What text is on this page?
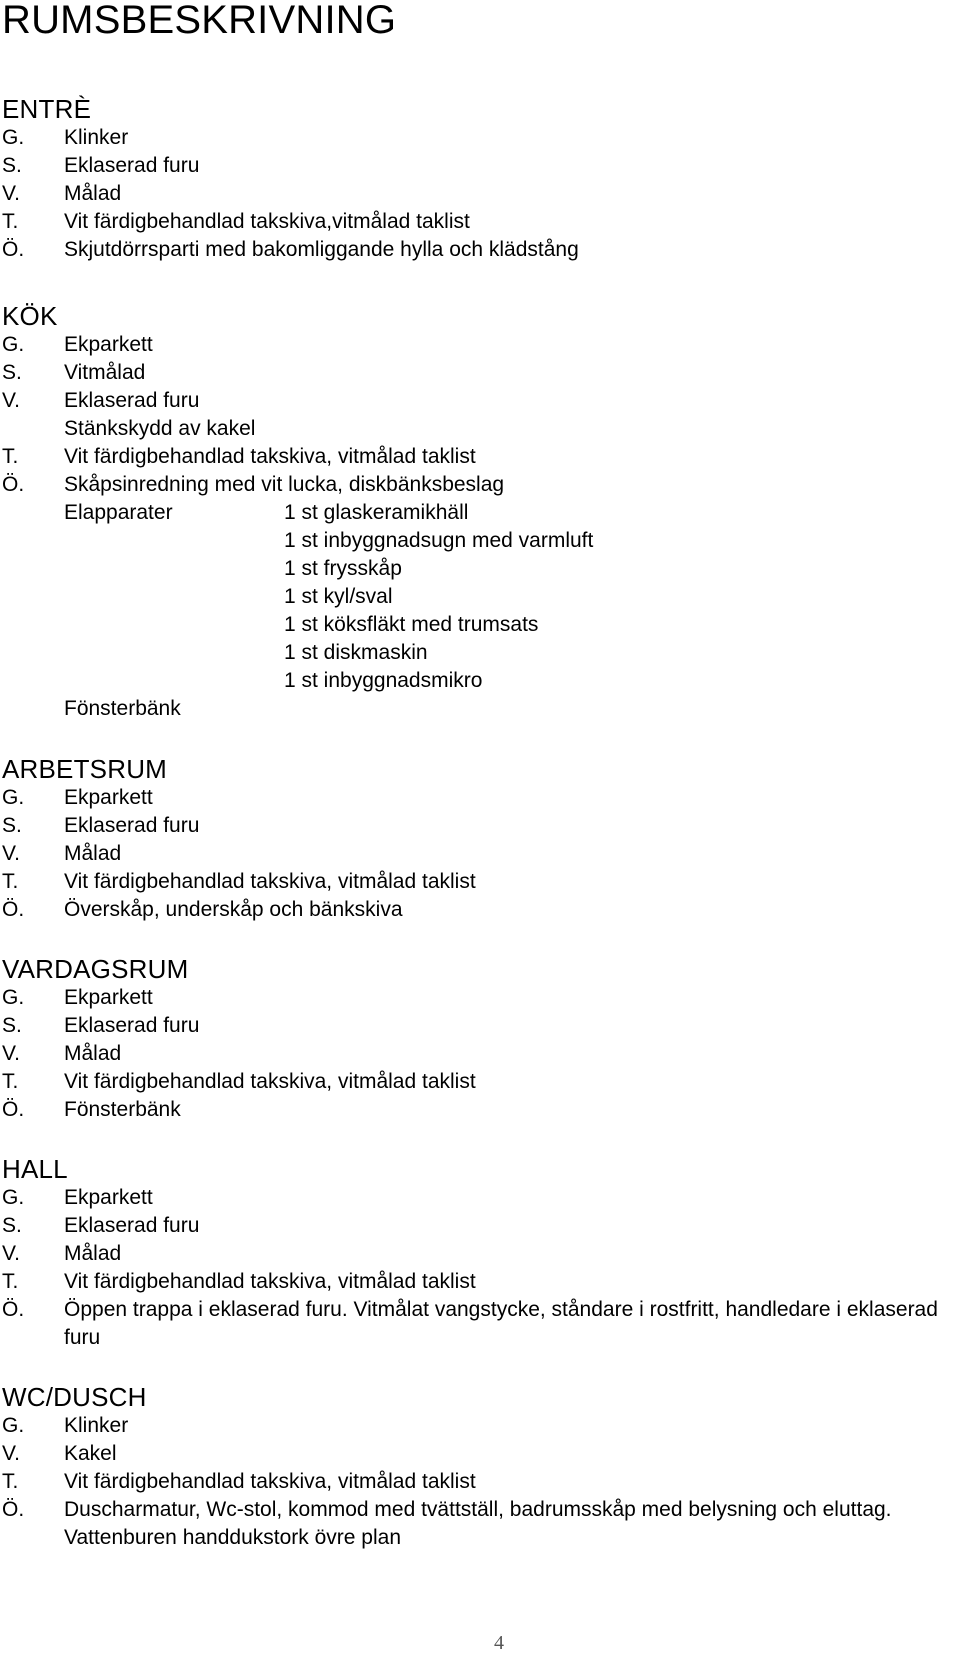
RUMSBESKRIVNING
ENTRÈ
G. Klinker
S. Eklaserad furu
V. Målad
T. Vit färdigbehandlad takskiva,vitmålad taklist
Ö. Skjutdörrsparti med bakomliggande hylla och klädstång
KÖK
G. Ekparkett
S. Vitmålad
V. Eklaserad furu
Stänkskydd av kakel
T. Vit färdigbehandlad takskiva, vitmålad taklist
Ö. Skåpsinredning med vit lucka, diskbänksbeslag
Elapparater	1 st glaskeramikhäll
1 st inbyggnadsugn med varmluft
1 st frysskåp
1 st kyl/sval
1 st köksfläkt med trumsats
1 st diskmaskin
1 st inbyggnadsmikro
Fönsterbänk
ARBETSRUM
G. Ekparkett
S. Eklaserad furu
V. Målad
T. Vit färdigbehandlad takskiva, vitmålad taklist
Ö. Överskåp, underskåp och bänkskiva
VARDAGSRUM
G. Ekparkett
S. Eklaserad furu
V. Målad
T. Vit färdigbehandlad takskiva, vitmålad taklist
Ö. Fönsterbänk
HALL
G. Ekparkett
S. Eklaserad furu
V. Målad
T. Vit färdigbehandlad takskiva, vitmålad taklist
Ö. Öppen trappa i eklaserad furu. Vitmålat vangstycke, ståndare i rostfritt, handledare i eklaserad furu
WC/DUSCH
G. Klinker
V. Kakel
T. Vit färdigbehandlad takskiva, vitmålad taklist
Ö. Duscharmatur, Wc-stol, kommod med tvättställ, badrumsskåp med belysning och eluttag. Vattenburen handdukstork övre plan
4
